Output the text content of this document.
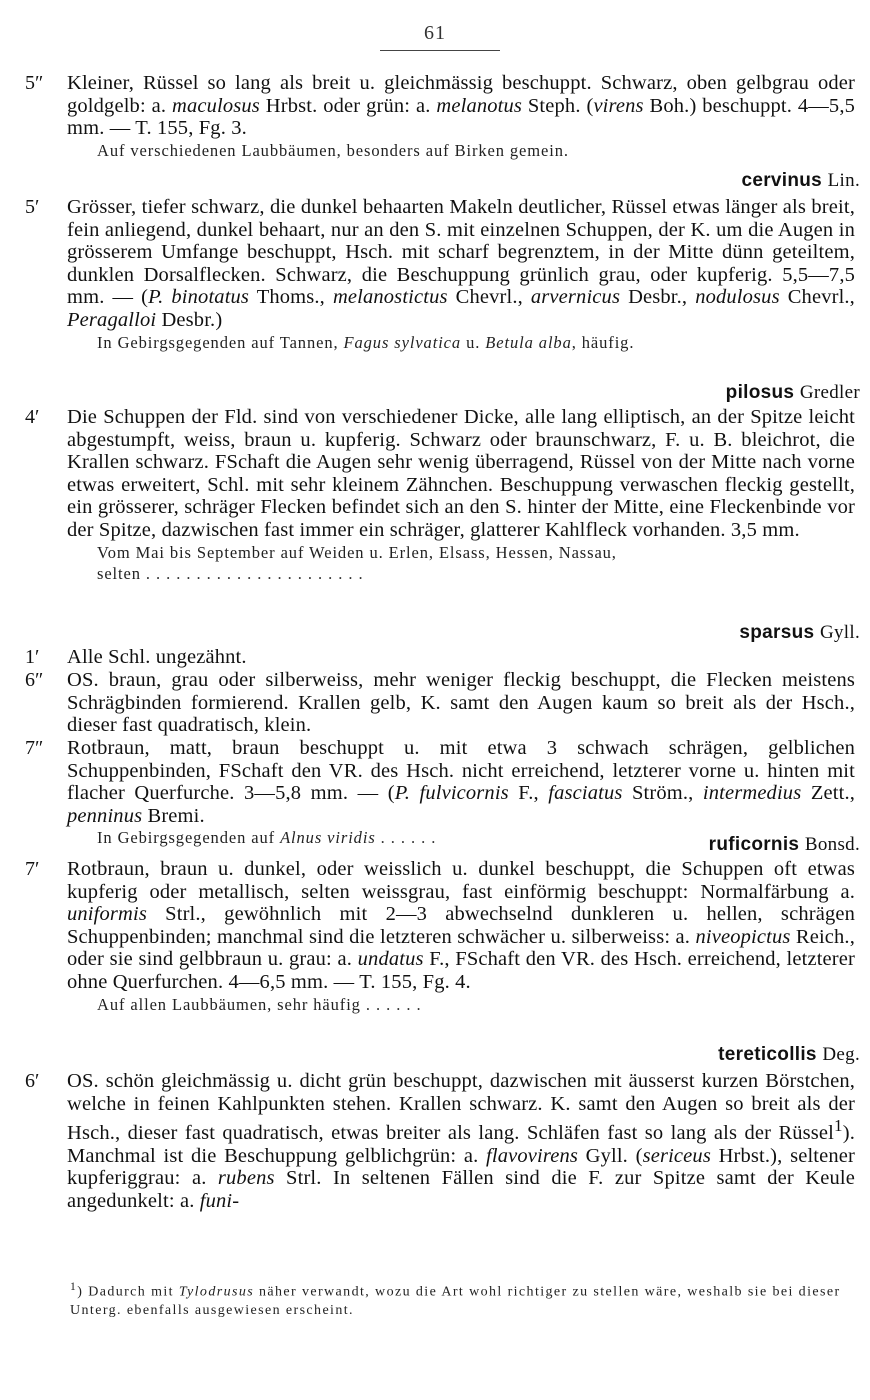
61
5″	Kleiner, Rüssel so lang als breit u. gleichmässig beschuppt. Schwarz, oben gelbgrau oder goldgelb: a. maculosus Hrbst. oder grün: a. melanotus Steph. (virens Boh.) beschuppt. 4—5,5 mm. — T. 155, Fg. 3.
Auf verschiedenen Laubbäumen, besonders auf Birken gemein.
cervinus Lin.
5′	Grösser, tiefer schwarz, die dunkel behaarten Makeln deutlicher, Rüssel etwas länger als breit, fein anliegend, dunkel behaart, nur an den S. mit einzelnen Schuppen, der K. um die Augen in grösserem Umfange beschuppt, Hsch. mit scharf begrenztem, in der Mitte dünn geteiltem, dunklen Dorsalflecken. Schwarz, die Beschuppung grünlich grau, oder kupferig. 5,5—7,5 mm. — (P. binotatus Thoms., melanostictus Chevrl., arvernicus Desbr., nodulosus Chevrl., Peragalloi Desbr.)
In Gebirgsgegenden auf Tannen, Fagus sylvatica u. Betula alba, häufig.
pilosus Gredler
4′	Die Schuppen der Fld. sind von verschiedener Dicke, alle lang elliptisch, an der Spitze leicht abgestumpft, weiss, braun u. kupferig. Schwarz oder braunschwarz, F. u. B. bleichrot, die Krallen schwarz. FSchaft die Augen sehr wenig überragend, Rüssel von der Mitte nach vorne etwas erweitert, Schl. mit sehr kleinem Zähnchen. Beschuppung verwaschen fleckig gestellt, ein grösserer, schräger Flecken befindet sich an den S. hinter der Mitte, eine Fleckenbinde vor der Spitze, dazwischen fast immer ein schräger, glatterer Kahlfleck vorhanden. 3,5 mm.
Vom Mai bis September auf Weiden u. Erlen, Elsass, Hessen, Nassau,
selten ......................
sparsus Gyll.
1′	Alle Schl. ungezähnt.
6″	OS. braun, grau oder silberweiss, mehr weniger fleckig beschuppt, die Flecken meistens Schrägbinden formierend. Krallen gelb, K. samt den Augen kaum so breit als der Hsch., dieser fast quadratisch, klein.
7″	Rotbraun, matt, braun beschuppt u. mit etwa 3 schwach schrägen, gelblichen Schuppenbinden, FSchaft den VR. des Hsch. nicht erreichend, letzterer vorne u. hinten mit flacher Querfurche. 3—5,8 mm. — (P. fulvicornis F., fasciatus Ström., intermedius Zett., penninus Bremi.
In Gebirgsgegenden auf Alnus viridis ......	ruficornis Bonsd.
7′	Rotbraun, braun u. dunkel, oder weisslich u. dunkel beschuppt, die Schuppen oft etwas kupferig oder metallisch, selten weissgrau, fast einförmig beschuppt: Normalfärbung a. uniformis Strl., gewöhnlich mit 2—3 abwechselnd dunkleren u. hellen, schrägen Schuppenbinden; manchmal sind die letzteren schwächer u. silberweiss: a. niveopictus Reich., oder sie sind gelbbraun u. grau: a. undatus F., FSchaft den VR. des Hsch. erreichend, letzterer ohne Querfurchen. 4—6,5 mm. — T. 155, Fg. 4.
Auf allen Laubbäumen, sehr häufig ......
tereticollis Deg.
6′	OS. schön gleichmässig u. dicht grün beschuppt, dazwischen mit äusserst kurzen Börstchen, welche in feinen Kahlpunkten stehen. Krallen schwarz. K. samt den Augen so breit als der Hsch., dieser fast quadratisch, etwas breiter als lang. Schläfen fast so lang als der Rüssel$^1$). Manchmal ist die Beschuppung gelblichgrün: a. flavovirens Gyll. (sericeus Hrbst.), seltener kupferiggrau: a. rubens Strl. In seltenen Fällen sind die F. zur Spitze samt der Keule angedunkelt: a. funi-
$^1$) Dadurch mit Tylodrusus näher verwandt, wozu die Art wohl richtiger zu stellen wäre, weshalb sie bei dieser Unterg. ebenfalls ausgewiesen erscheint.
